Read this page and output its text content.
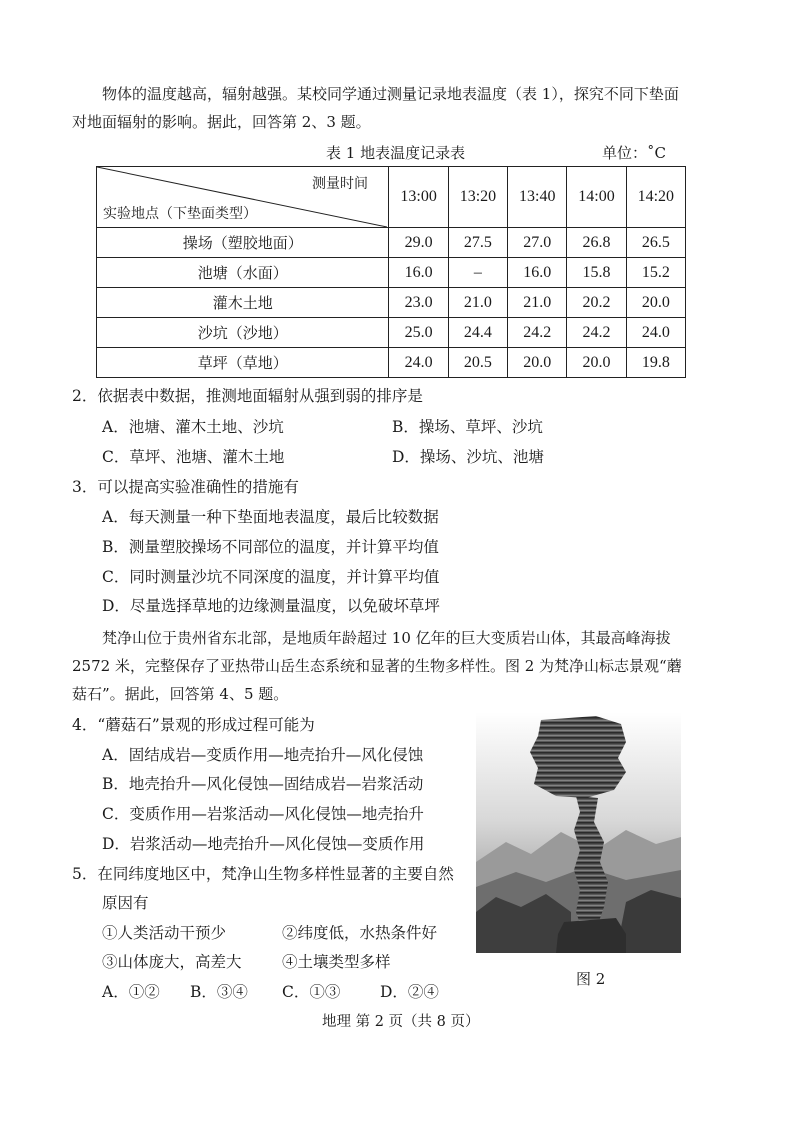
物体的温度越高，辐射越强。某校同学通过测量记录地表温度（表 1），探究不同下垫面
对地面辐射的影响。据此，回答第 2、3 题。
表 1 地表温度记录表	单位：˚C
测量时间
实验地点（下垫面类型）	13:00	13:20	13:40	14:00	14:20
操场（塑胶地面）	29.0	27.5	27.0	26.8	26.5
池塘（水面）	16.0	–	16.0	15.8	15.2
灌木土地	23.0	21.0	21.0	20.2	20.0
沙坑（沙地）	25.0	24.4	24.2	24.2	24.0
草坪（草地）	24.0	20.5	20.0	20.0	19.8
2．依据表中数据，推测地面辐射从强到弱的排序是
A．池塘、灌木土地、沙坑	B．操场、草坪、沙坑
C．草坪、池塘、灌木土地	D．操场、沙坑、池塘
3．可以提高实验准确性的措施有
A．每天测量一种下垫面地表温度，最后比较数据
B．测量塑胶操场不同部位的温度，并计算平均值
C．同时测量沙坑不同深度的温度，并计算平均值
D．尽量选择草地的边缘测量温度，以免破坏草坪
梵净山位于贵州省东北部，是地质年龄超过 10 亿年的巨大变质岩山体，其最高峰海拔
2572 米，完整保存了亚热带山岳生态系统和显著的生物多样性。图 2 为梵净山标志景观“蘑
菇石”。据此，回答第 4、5 题。
4．“蘑菇石”景观的形成过程可能为
A．固结成岩—变质作用—地壳抬升—风化侵蚀
B．地壳抬升—风化侵蚀—固结成岩—岩浆活动
C．变质作用—岩浆活动—风化侵蚀—地壳抬升
D．岩浆活动—地壳抬升—风化侵蚀—变质作用
5．在同纬度地区中，梵净山生物多样性显著的主要自然
原因有
①人类活动干预少	②纬度低，水热条件好
③山体庞大，高差大	④土壤类型多样
A．①② B．③④ C．①③	D．②④
图 2
地理 第 2 页（共 8 页）
